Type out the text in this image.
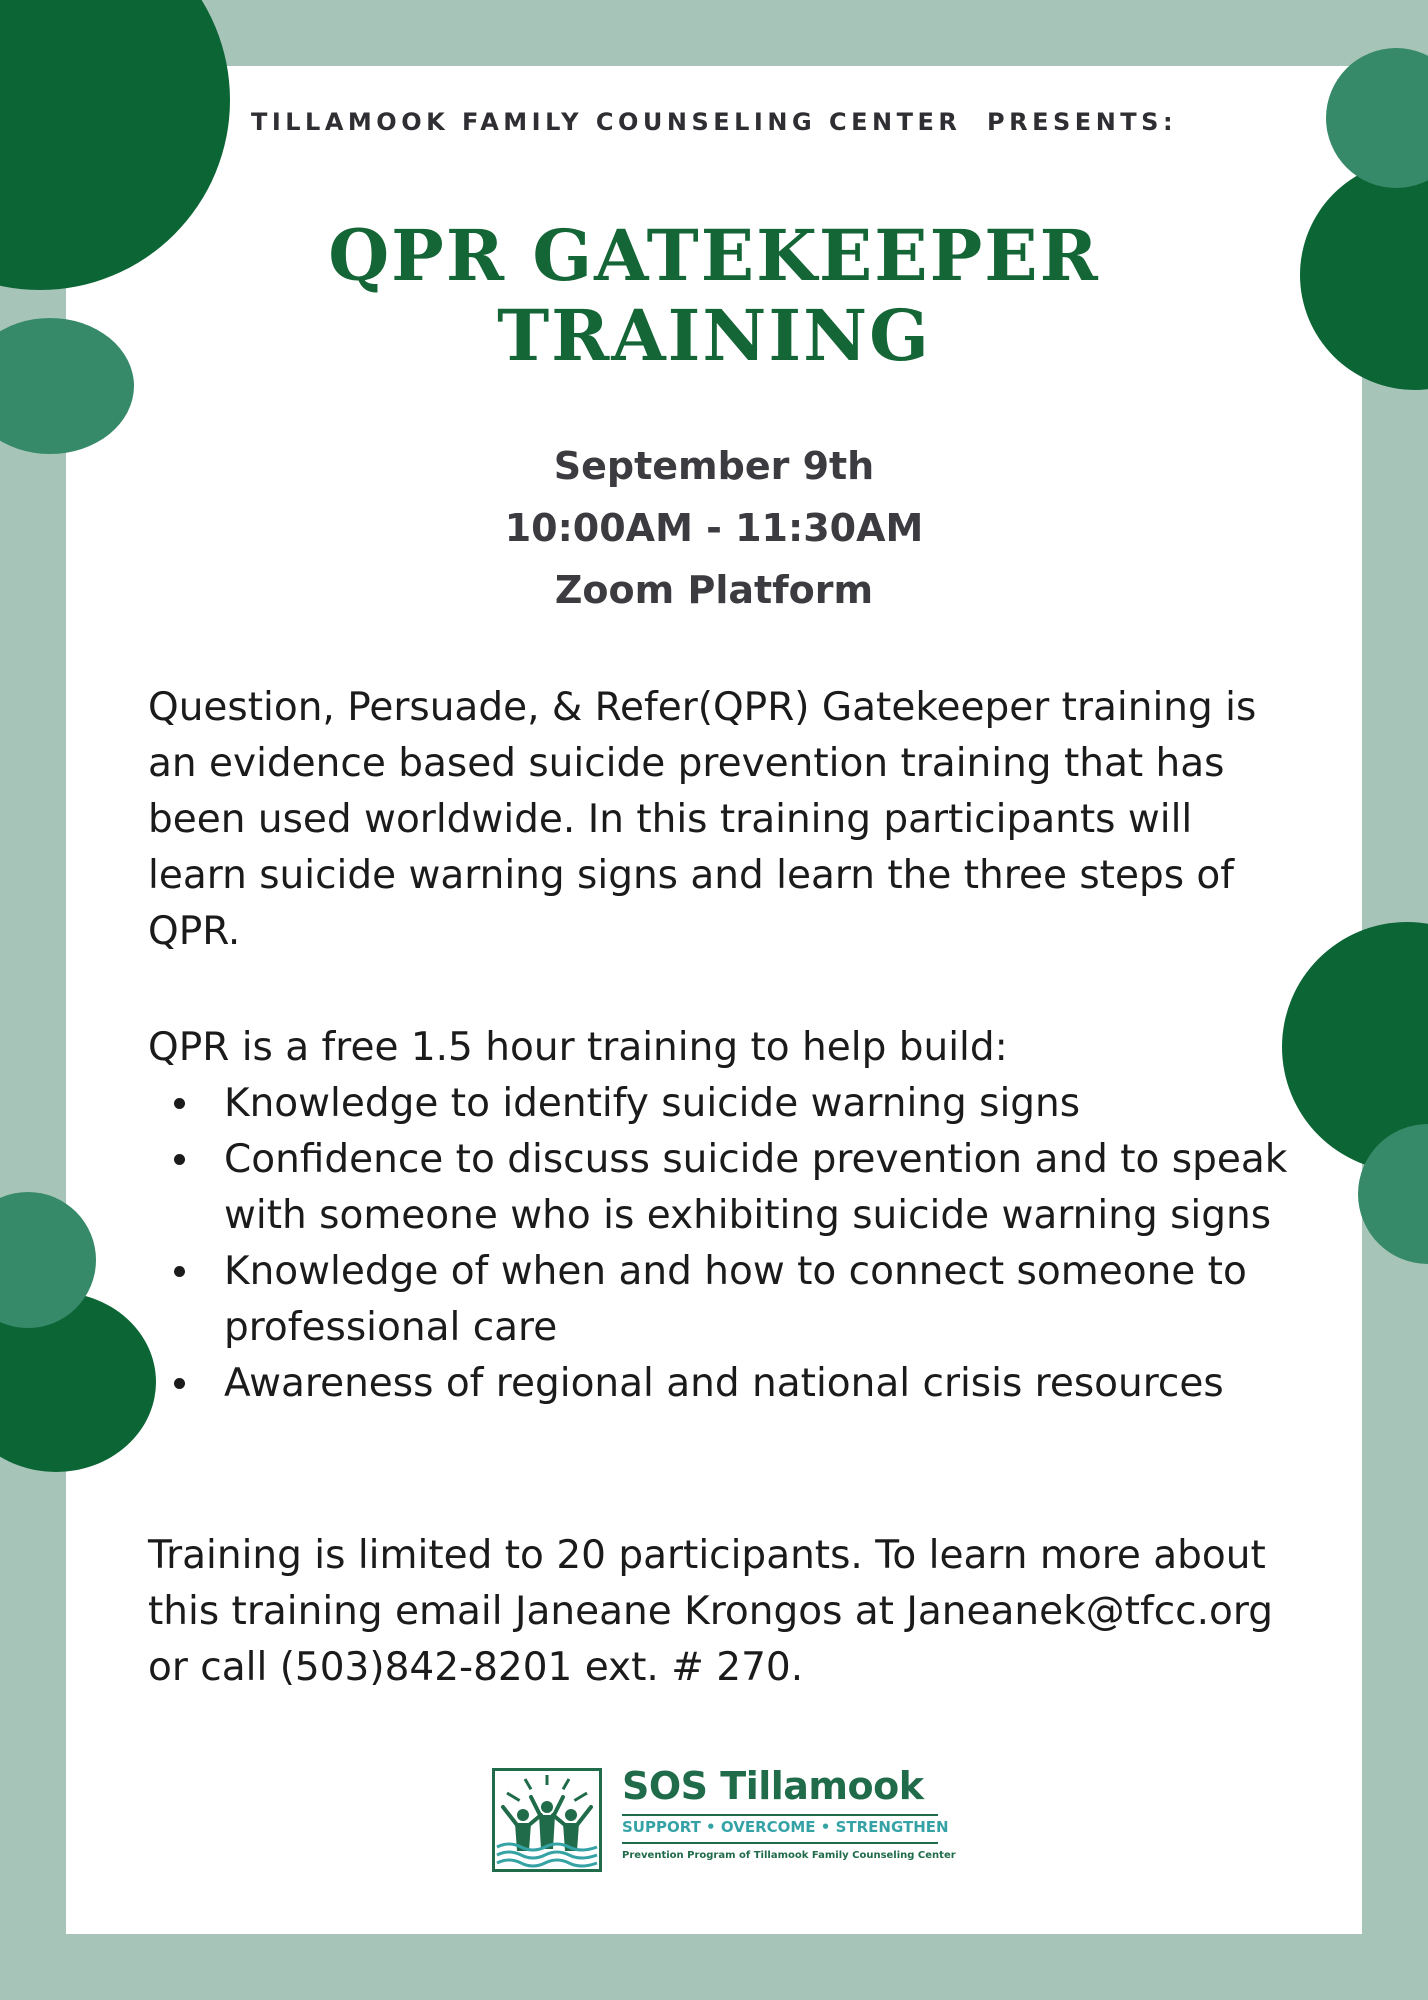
TILLAMOOK FAMILY COUNSELING CENTER  PRESENTS:
QPR GATEKEEPER
TRAINING
September 9th
10:00AM - 11:30AM
Zoom Platform
Question, Persuade, & Refer(QPR) Gatekeeper training is an evidence based suicide prevention training that has been used worldwide. In this training participants will learn suicide warning signs and learn the three steps of QPR.
QPR is a free 1.5 hour training to help build:
Knowledge to identify suicide warning signs
Confidence to discuss suicide prevention and to speak with someone who is exhibiting suicide warning signs
Knowledge of when and how to connect someone to professional care
Awareness of regional and national crisis resources
Training is limited to 20 participants. To learn more about this training email Janeane Krongos at Janeanek@tfcc.org or call (503)842-8201 ext. # 270.
SOS Tillamook
SUPPORT • OVERCOME • STRENGTHEN
Prevention Program of Tillamook Family Counseling Center
